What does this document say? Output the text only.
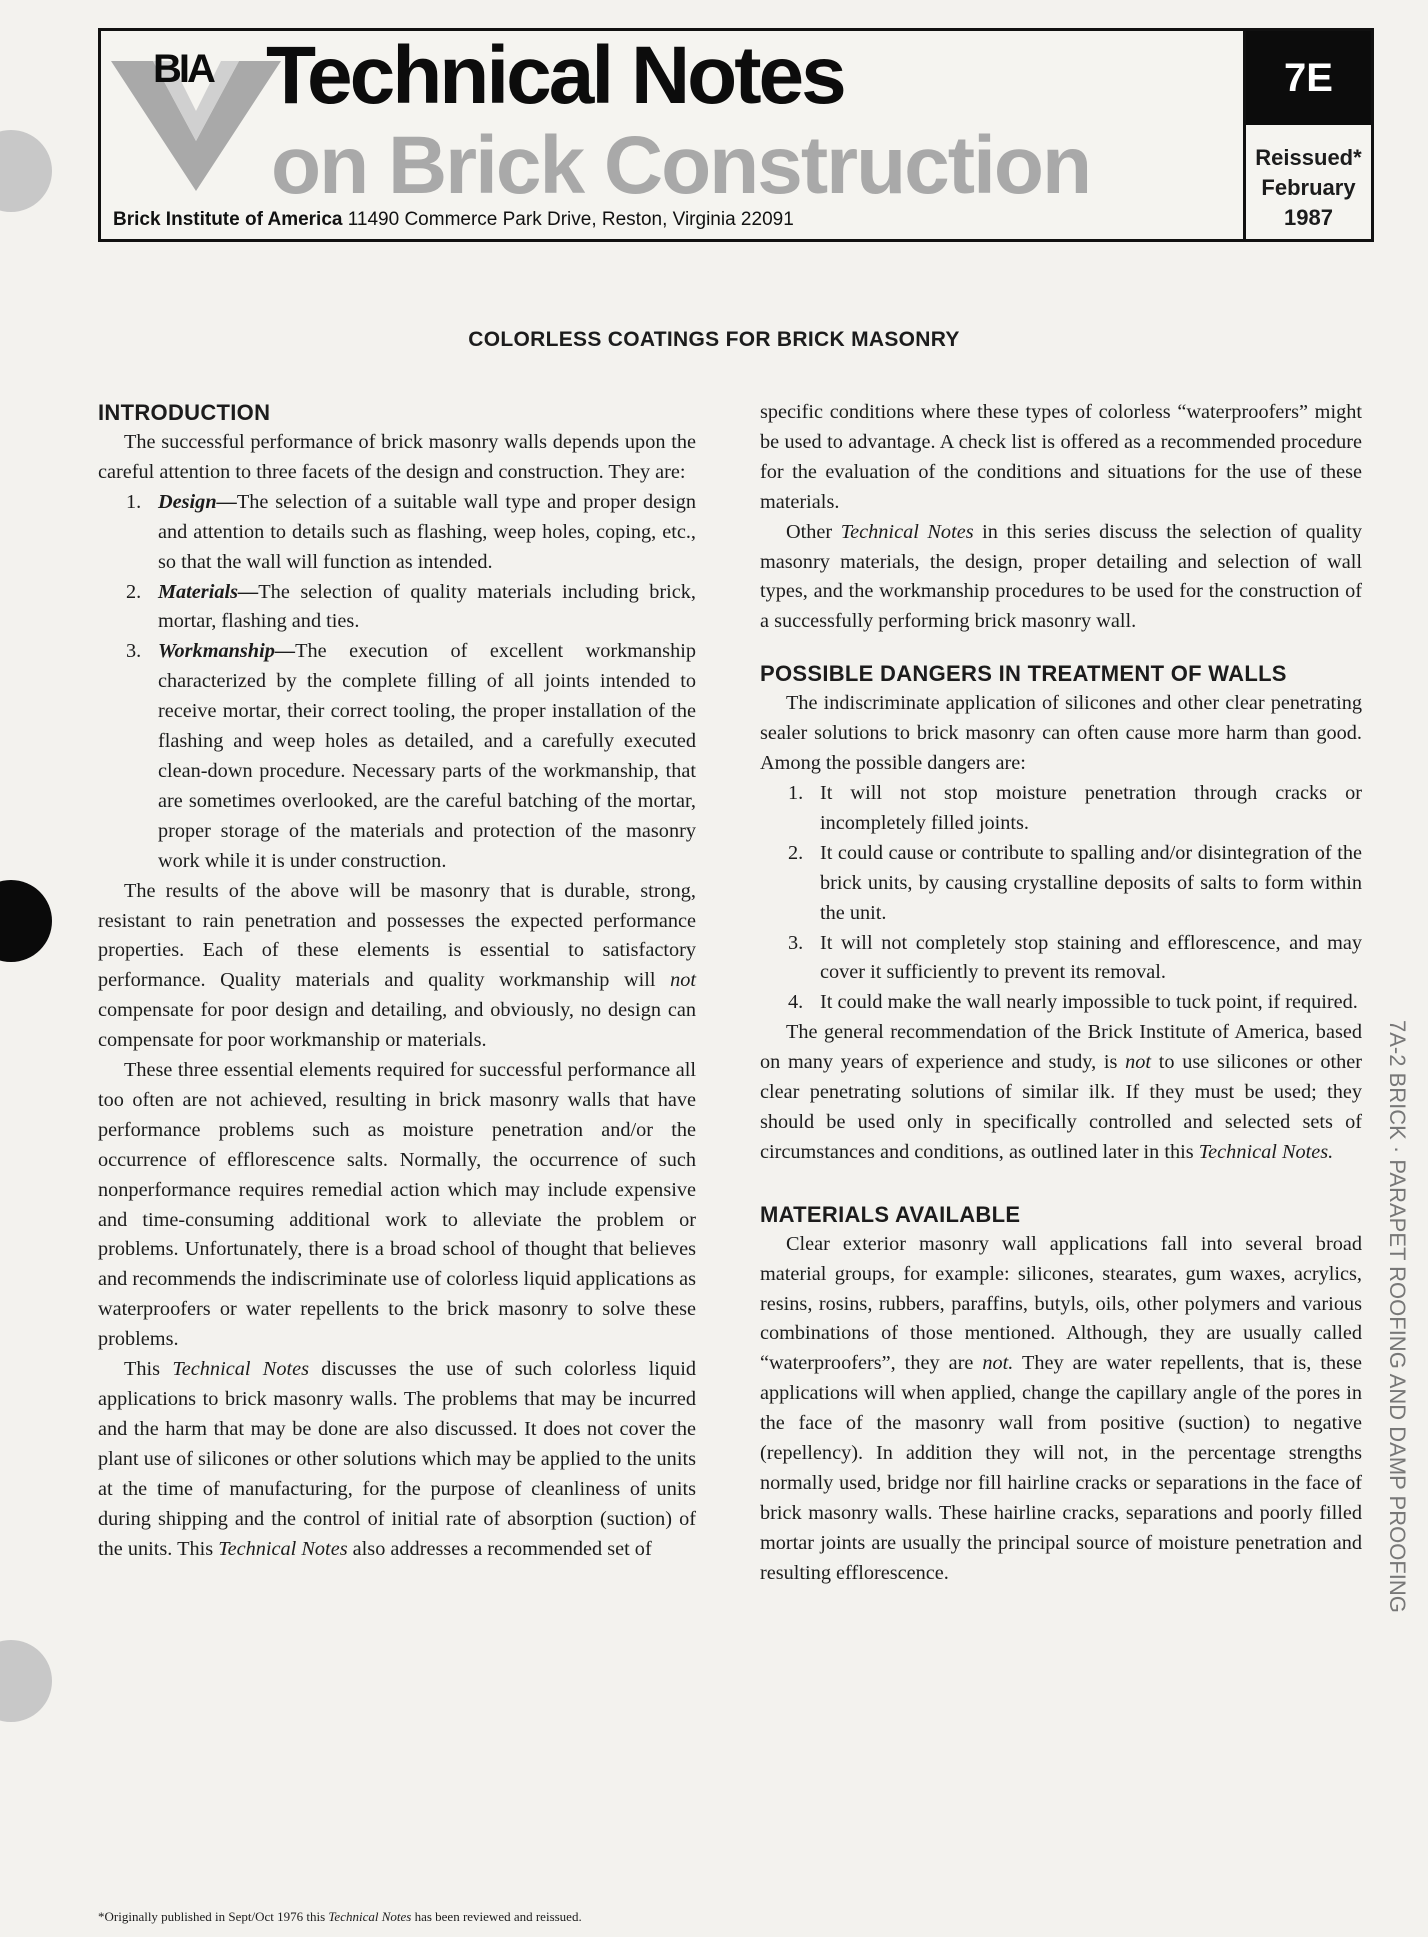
BIA Technical Notes
on Brick Construction
Brick Institute of America 11490 Commerce Park Drive, Reston, Virginia 22091
7E
Reissued*
February
1987
COLORLESS COATINGS FOR BRICK MASONRY
INTRODUCTION

The successful performance of brick masonry walls depends upon the careful attention to three facets of the design and construction. They are:

1. Design—The selection of a suitable wall type and proper design and attention to details such as flashing, weep holes, coping, etc., so that the wall will function as intended.
2. Materials—The selection of quality materials including brick, mortar, flashing and ties.
3. Workmanship—The execution of excellent workmanship characterized by the complete filling of all joints intended to receive mortar, their correct tooling, the proper installation of the flashing and weep holes as detailed, and a carefully executed clean-down procedure. Necessary parts of the workmanship, that are sometimes overlooked, are the careful batching of the mortar, proper storage of the materials and protection of the masonry work while it is under construction.

The results of the above will be masonry that is durable, strong, resistant to rain penetration and possesses the expected performance properties. Each of these elements is essential to satisfactory performance. Quality materials and quality workmanship will not compensate for poor design and detailing, and obviously, no design can compensate for poor workmanship or materials.

These three essential elements required for successful performance all too often are not achieved, resulting in brick masonry walls that have performance problems such as moisture penetration and/or the occurrence of efflorescence salts. Normally, the occurrence of such nonperformance requires remedial action which may include expensive and time-consuming additional work to alleviate the problem or problems. Unfortunately, there is a broad school of thought that believes and recommends the indiscriminate use of colorless liquid applications as waterproofers or water repellents to the brick masonry to solve these problems.

This Technical Notes discusses the use of such colorless liquid applications to brick masonry walls. The problems that may be incurred and the harm that may be done are also discussed. It does not cover the plant use of silicones or other solutions which may be applied to the units at the time of manufacturing, for the purpose of cleanliness of units during shipping and the control of initial rate of absorption (suction) of the units. This Technical Notes also addresses a recommended set of

specific conditions where these types of colorless “waterproofers” might be used to advantage. A check list is offered as a recommended procedure for the evaluation of the conditions and situations for the use of these materials.

Other Technical Notes in this series discuss the selection of quality masonry materials, the design, proper detailing and selection of wall types, and the workmanship procedures to be used for the construction of a successfully performing brick masonry wall.

POSSIBLE DANGERS IN TREATMENT OF WALLS

The indiscriminate application of silicones and other clear penetrating sealer solutions to brick masonry can often cause more harm than good. Among the possible dangers are:

1. It will not stop moisture penetration through cracks or incompletely filled joints.
2. It could cause or contribute to spalling and/or disintegration of the brick units, by causing crystalline deposits of salts to form within the unit.
3. It will not completely stop staining and efflorescence, and may cover it sufficiently to prevent its removal.
4. It could make the wall nearly impossible to tuck point, if required.

The general recommendation of the Brick Institute of America, based on many years of experience and study, is not to use silicones or other clear penetrating solutions of similar ilk. If they must be used; they should be used only in specifically controlled and selected sets of circumstances and conditions, as outlined later in this Technical Notes.

MATERIALS AVAILABLE

Clear exterior masonry wall applications fall into several broad material groups, for example: silicones, stearates, gum waxes, acrylics, resins, rosins, rubbers, paraffins, butyls, oils, other polymers and various combinations of those mentioned. Although, they are usually called “waterproofers”, they are not. They are water repellents, that is, these applications will when applied, change the capillary angle of the pores in the face of the masonry wall from positive (suction) to negative (repellency). In addition they will not, in the percentage strengths normally used, bridge nor fill hairline cracks or separations in the face of brick masonry walls. These hairline cracks, separations and poorly filled mortar joints are usually the principal source of moisture penetration and resulting efflorescence.

*Originally published in Sept/Oct 1976 this Technical Notes has been reviewed and reissued.
7A-2 BRICK · PARAPET ROOFING AND DAMP PROOFING
